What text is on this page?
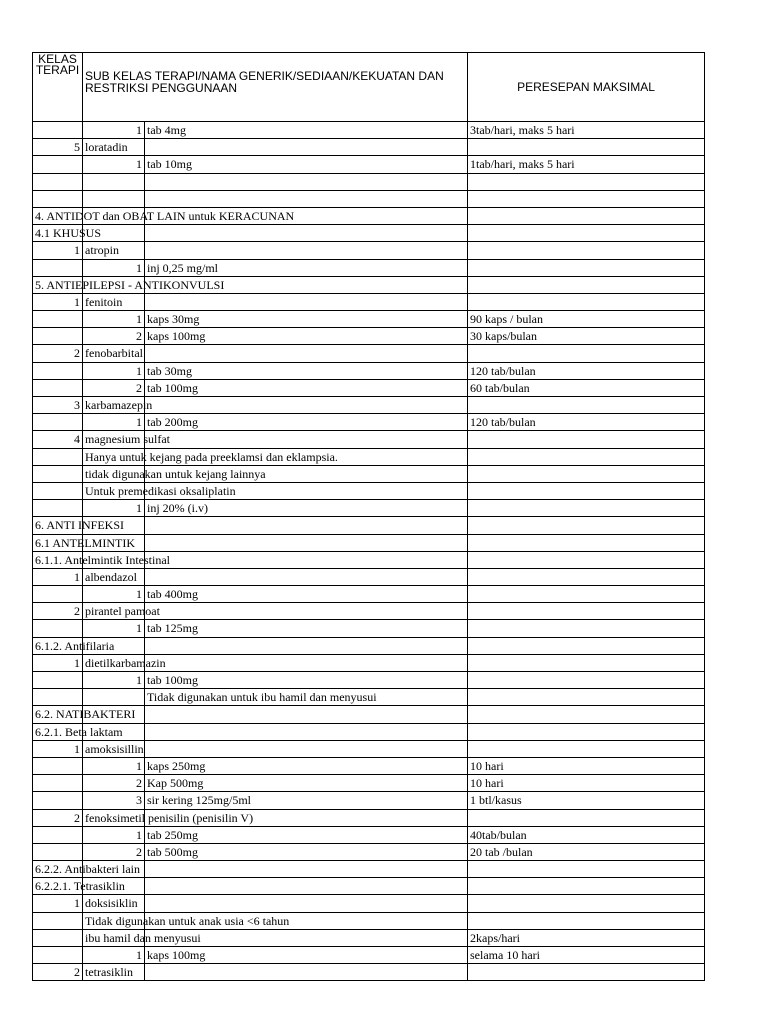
KELAS TERAPI SUB KELAS TERAPI/NAMA GENERIK/SEDIAAN/KEKUATAN DAN RESTRIKSI PENGGUNAAN	PERESEPAN MAKSIMAL
1 tab 4mg	3tab/hari, maks 5 hari
5 loratadin
1 tab 10mg	1tab/hari, maks 5 hari
4. ANTIDOT dan OBAT LAIN untuk KERACUNAN
4.1 KHUSUS
1 atropin
1 inj 0,25 mg/ml
5. ANTIEPILEPSI - ANTIKONVULSI
1 fenitoin
1 kaps 30mg	90 kaps / bulan
2 kaps 100mg	30 kaps/bulan
2 fenobarbital
1 tab 30mg	120 tab/bulan
2 tab 100mg	60 tab/bulan
3 karbamazepin
1 tab 200mg	120 tab/bulan
4 magnesium sulfat
Hanya untuk kejang pada preeklamsi dan eklampsia.
tidak digunakan untuk kejang lainnya
Untuk premedikasi oksaliplatin
1 inj 20% (i.v)
6. ANTI INFEKSI
6.1 ANTELMINTIK
6.1.1. Antelmintik Intestinal
1 albendazol
1 tab 400mg
2 pirantel pamoat
1 tab 125mg
6.1.2. Antifilaria
1 dietilkarbamazin
1 tab 100mg
Tidak digunakan untuk ibu hamil dan menyusui
6.2. NATIBAKTERI
6.2.1. Beta laktam
1 amoksisillin
1 kaps 250mg	10 hari
2 Kap 500mg	10 hari
3 sir kering 125mg/5ml	1 btl/kasus
2 fenoksimetil penisilin (penisilin V)
1 tab 250mg	40tab/bulan
2 tab 500mg	20 tab /bulan
6.2.2. Antibakteri lain
6.2.2.1. Tetrasiklin
1 doksisiklin
Tidak digunakan untuk anak usia <6 tahun
ibu hamil dan menyusui	2kaps/hari
1 kaps 100mg	selama 10 hari
2 tetrasiklin
